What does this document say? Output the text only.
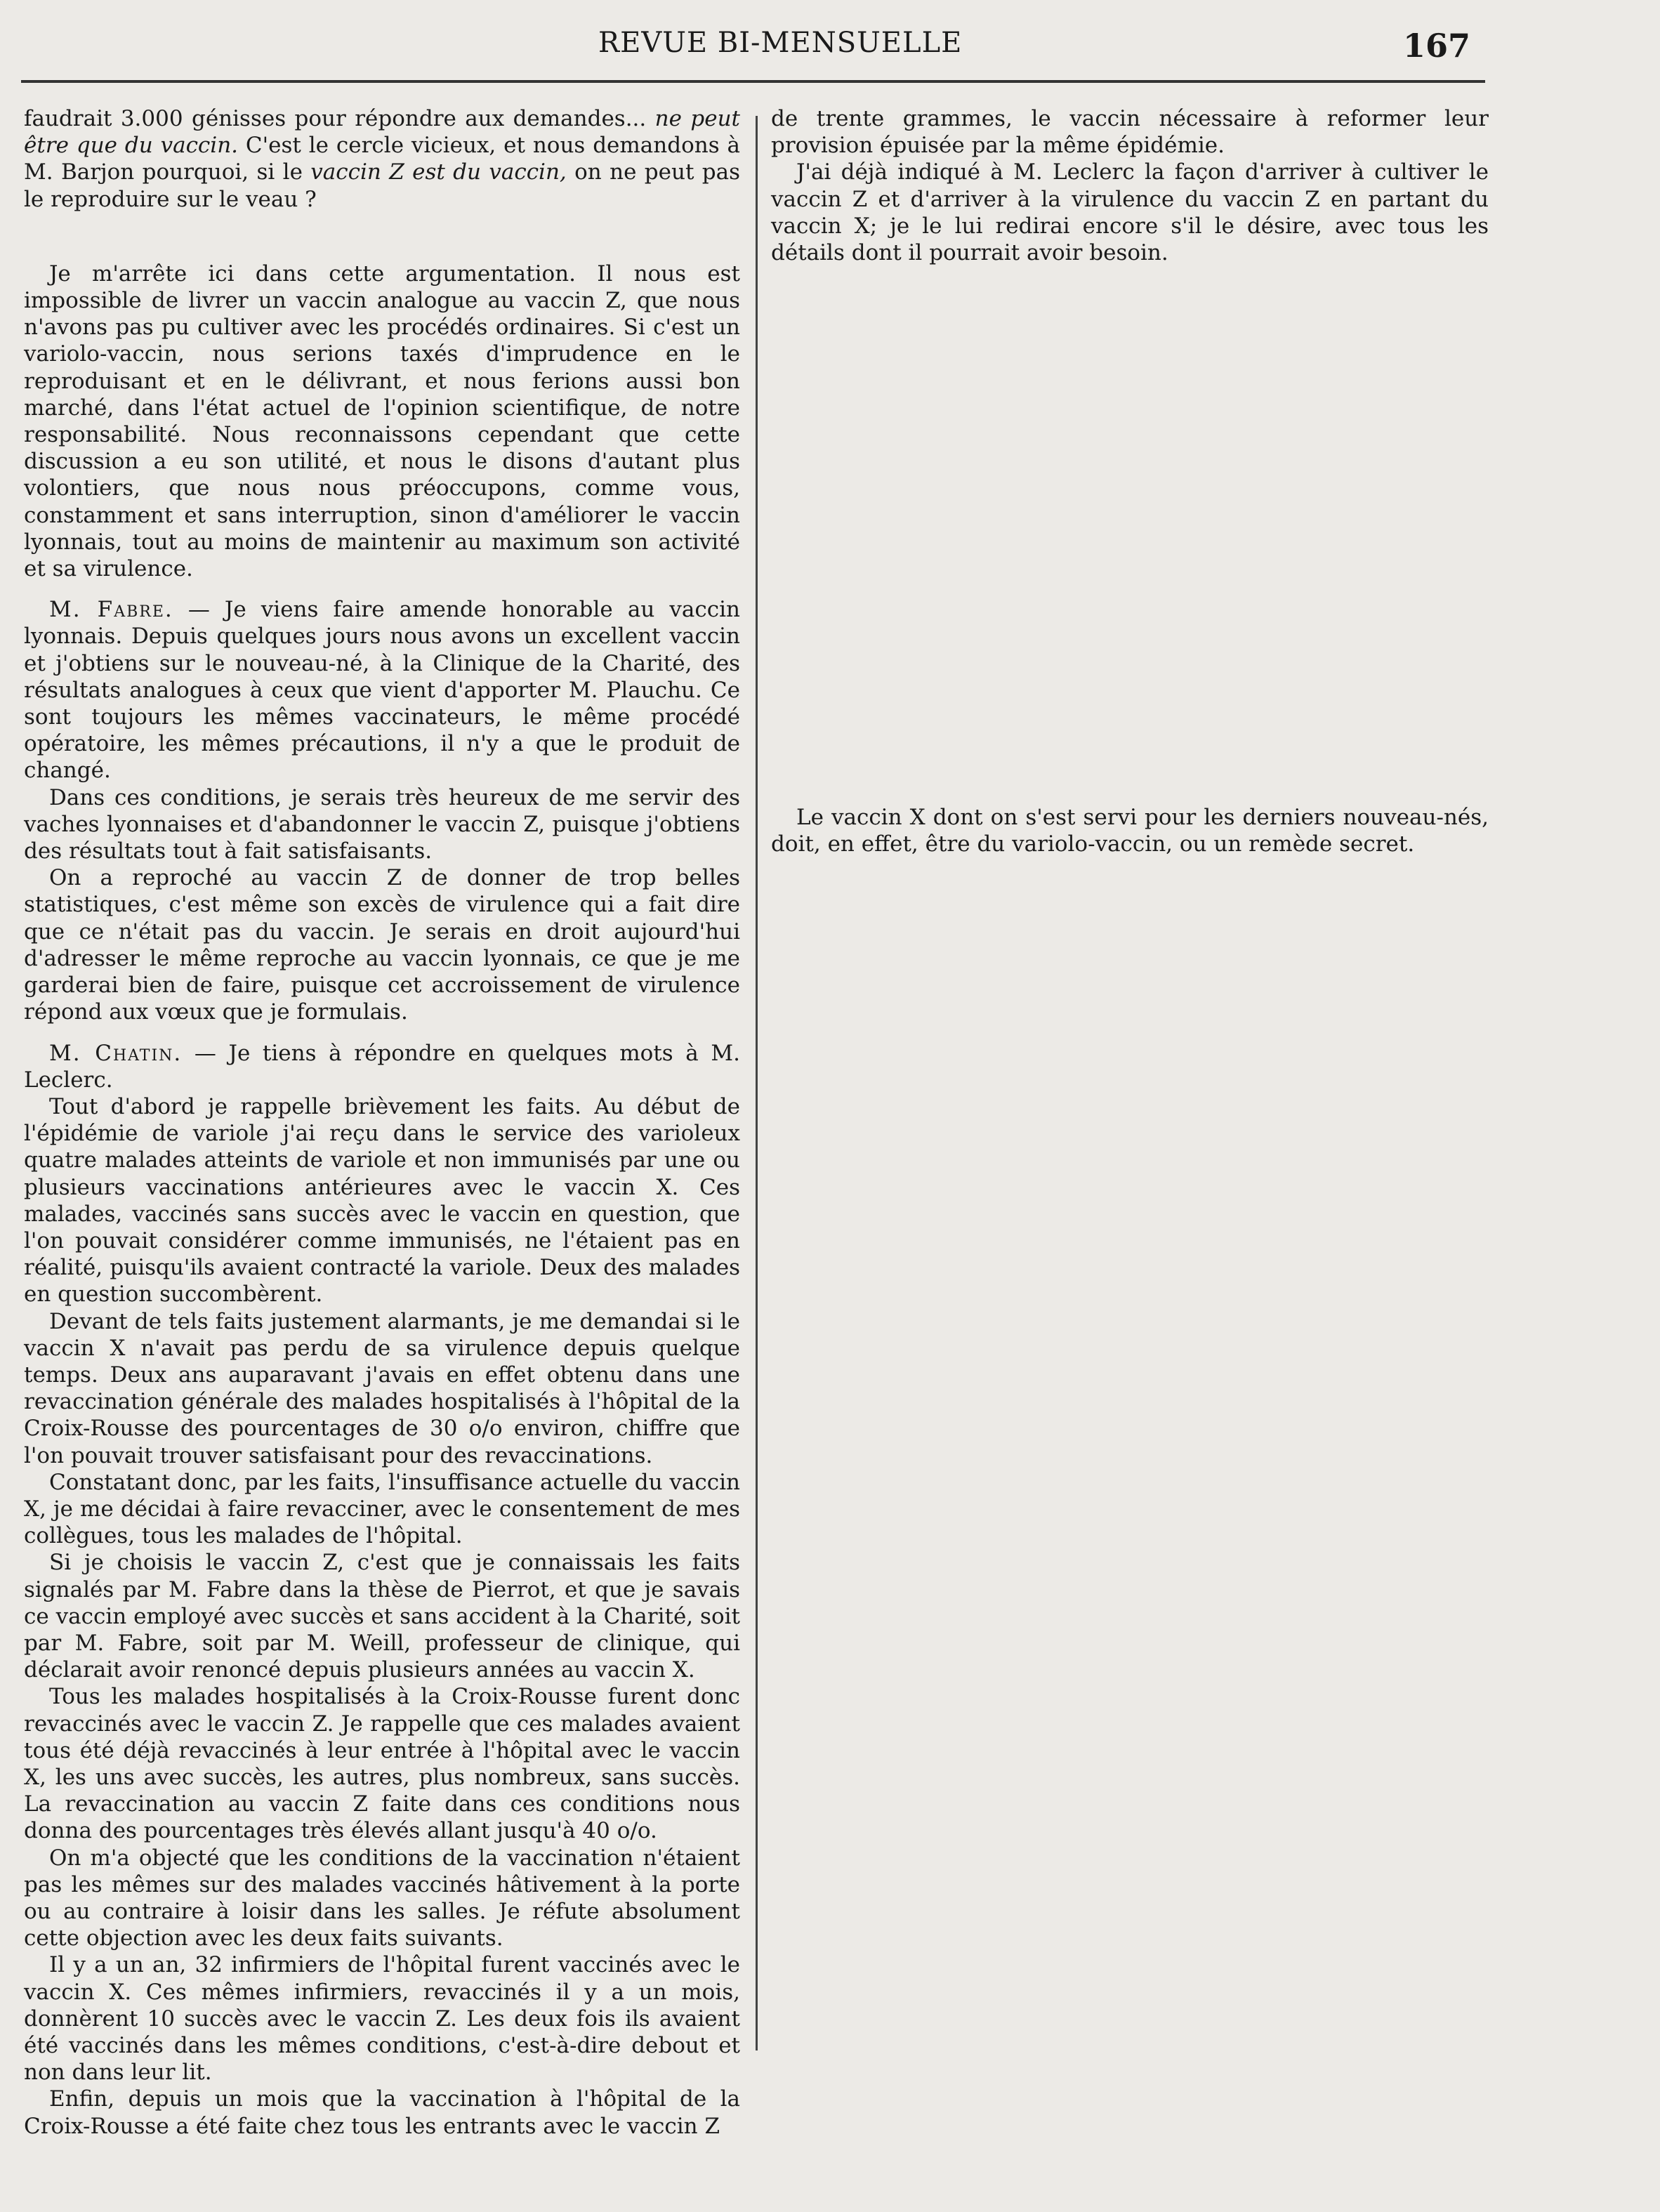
REVUE BI-MENSUELLE	167

faudrait 3.000 génisses pour répondre aux demandes... ne peut être que du vaccin. C'est le cercle vicieux, et nous demandons à M. Barjon pourquoi, si le vaccin Z est du vaccin, on ne peut pas le reproduire sur le veau ?

Je m'arrête ici dans cette argumentation. Il nous est impossible de livrer un vaccin analogue au vaccin Z, que nous n'avons pas pu cultiver avec les procédés ordinaires. Si c'est un variolo-vaccin, nous serions taxés d'imprudence en le reproduisant et en le délivrant, et nous ferions aussi bon marché, dans l'état actuel de l'opinion scientifique, de notre responsabilité. Nous reconnaissons cependant que cette discussion a eu son utilité, et nous le disons d'autant plus volontiers, que nous nous préoccupons, comme vous, constamment et sans interruption, sinon d'améliorer le vaccin lyonnais, tout au moins de maintenir au maximum son activité et sa virulence.

M. Fabre. — Je viens faire amende honorable au vaccin lyonnais. Depuis quelques jours nous avons un excellent vaccin et j'obtiens sur le nouveau-né, à la Clinique de la Charité, des résultats analogues à ceux que vient d'apporter M. Plauchu. Ce sont toujours les mêmes vaccinateurs, le même procédé opératoire, les mêmes précautions, il n'y a que le produit de changé.

Dans ces conditions, je serais très heureux de me servir des vaches lyonnaises et d'abandonner le vaccin Z, puisque j'obtiens des résultats tout à fait satisfaisants.

On a reproché au vaccin Z de donner de trop belles statistiques, c'est même son excès de virulence qui a fait dire que ce n'était pas du vaccin. Je serais en droit aujourd'hui d'adresser le même reproche au vaccin lyonnais, ce que je me garderai bien de faire, puisque cet accroissement de virulence répond aux vœux que je formulais.

M. Chatin. — Je tiens à répondre en quelques mots à M. Leclerc.

Tout d'abord je rappelle brièvement les faits. Au début de l'épidémie de variole j'ai reçu dans le service des varioleux quatre malades atteints de variole et non immunisés par une ou plusieurs vaccinations antérieures avec le vaccin X. Ces malades, vaccinés sans succès avec le vaccin en question, que l'on pouvait considérer comme immunisés, ne l'étaient pas en réalité, puisqu'ils avaient contracté la variole. Deux des malades en question succombèrent.

Devant de tels faits justement alarmants, je me demandai si le vaccin X n'avait pas perdu de sa virulence depuis quelque temps. Deux ans auparavant j'avais en effet obtenu dans une revaccination générale des malades hospitalisés à l'hôpital de la Croix-Rousse des pourcentages de 30 o/o environ, chiffre que l'on pouvait trouver satisfaisant pour des revaccinations.

Constatant donc, par les faits, l'insuffisance actuelle du vaccin X, je me décidai à faire revacciner, avec le consentement de mes collègues, tous les malades de l'hôpital.

Si je choisis le vaccin Z, c'est que je connaissais les faits signalés par M. Fabre dans la thèse de Pierrot, et que je savais ce vaccin employé avec succès et sans accident à la Charité, soit par M. Fabre, soit par M. Weill, professeur de clinique, qui déclarait avoir renoncé depuis plusieurs années au vaccin X.

Tous les malades hospitalisés à la Croix-Rousse furent donc revaccinés avec le vaccin Z. Je rappelle que ces malades avaient tous été déjà revaccinés à leur entrée à l'hôpital avec le vaccin X, les uns avec succès, les autres, plus nombreux, sans succès. La revaccination au vaccin Z faite dans ces conditions nous donna des pourcentages très élevés allant jusqu'à 40 o/o.

On m'a objecté que les conditions de la vaccination n'étaient pas les mêmes sur des malades vaccinés hâtivement à la porte ou au contraire à loisir dans les salles. Je réfute absolument cette objection avec les deux faits suivants.

Il y a un an, 32 infirmiers de l'hôpital furent vaccinés avec le vaccin X. Ces mêmes infirmiers, revaccinés il y a un mois, donnèrent 10 succès avec le vaccin Z. Les deux fois ils avaient été vaccinés dans les mêmes conditions, c'est-à-dire debout et non dans leur lit.

Enfin, depuis un mois que la vaccination à l'hôpital de la Croix-Rousse a été faite chez tous les entrants avec le vaccin Z

de trente grammes, le vaccin nécessaire à reformer leur provision épuisée par la même épidémie.

J'ai déjà indiqué à M. Leclerc la façon d'arriver à cultiver le vaccin Z et d'arriver à la virulence du vaccin Z en partant du vaccin X; je le lui redirai encore s'il le désire, avec tous les détails dont il pourrait avoir besoin.

Le vaccin X dont on s'est servi pour les derniers nouveau-nés, doit, en effet, être du variolo-vaccin, ou un remède secret.
